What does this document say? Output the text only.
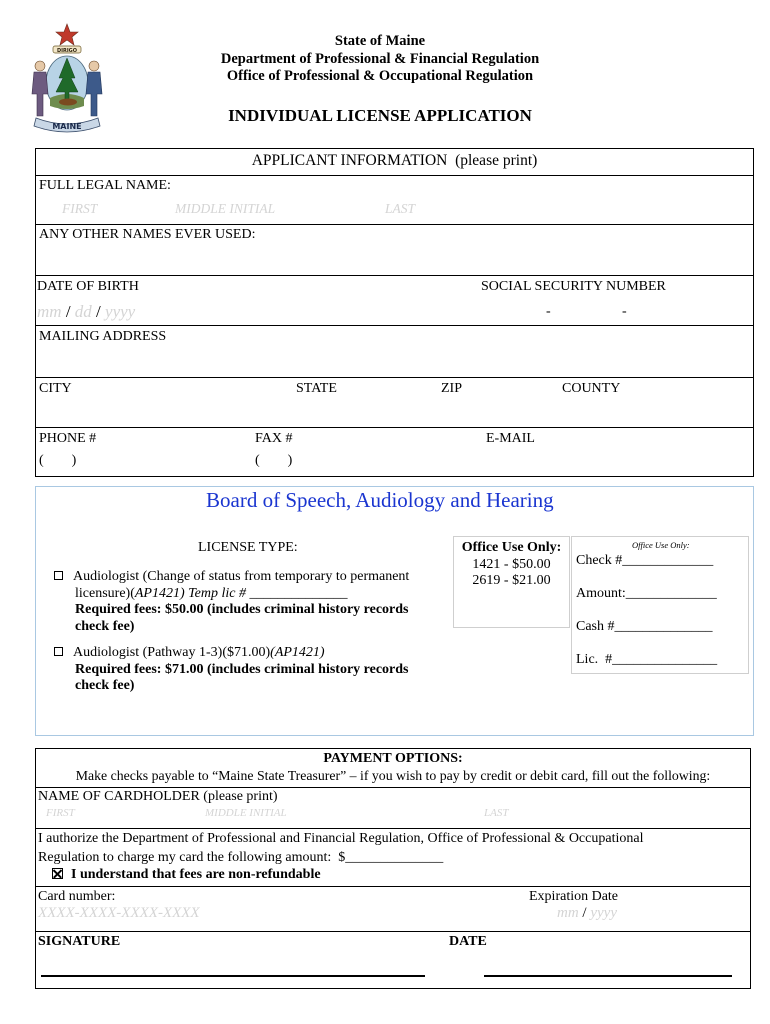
DIRIGO
MAINE
State of Maine
Department of Professional & Financial Regulation
Office of Professional & Occupational Regulation
INDIVIDUAL LICENSE APPLICATION
APPLICANT INFORMATION  (please print)
FULL LEGAL NAME:
FIRST	MIDDLE INITIAL	LAST
ANY OTHER NAMES EVER USED:
DATE OF BIRTH
mm / dd / yyyy
SOCIAL SECURITY NUMBER
-	-
MAILING ADDRESS
CITY	STATE	ZIP	COUNTY
PHONE #
(        )
FAX #
(        )
E-MAIL
Board of Speech, Audiology and Hearing
LICENSE TYPE:
Audiologist (Change of status from temporary to permanent
licensure)(AP1421) Temp lic # ______________
Required fees: $50.00 (includes criminal history records
check fee)
Audiologist (Pathway 1-3)($71.00)(AP1421)
Required fees: $71.00 (includes criminal history records
check fee)
Office Use Only:
1421 - $50.00
2619 - $21.00
Office Use Only:
Check #_____________
Amount:_____________
Cash #______________
Lic.  #_______________
PAYMENT OPTIONS:
Make checks payable to “Maine State Treasurer” – if you wish to pay by credit or debit card, fill out the following:
NAME OF CARDHOLDER (please print)
FIRST	MIDDLE INITIAL	LAST
I authorize the Department of Professional and Financial Regulation, Office of Professional & Occupational
Regulation to charge my card the following amount:  $______________
I understand that fees are non-refundable
Card number:
XXXX-XXXX-XXXX-XXXX
Expiration Date
mm / yyyy
SIGNATURE	DATE
